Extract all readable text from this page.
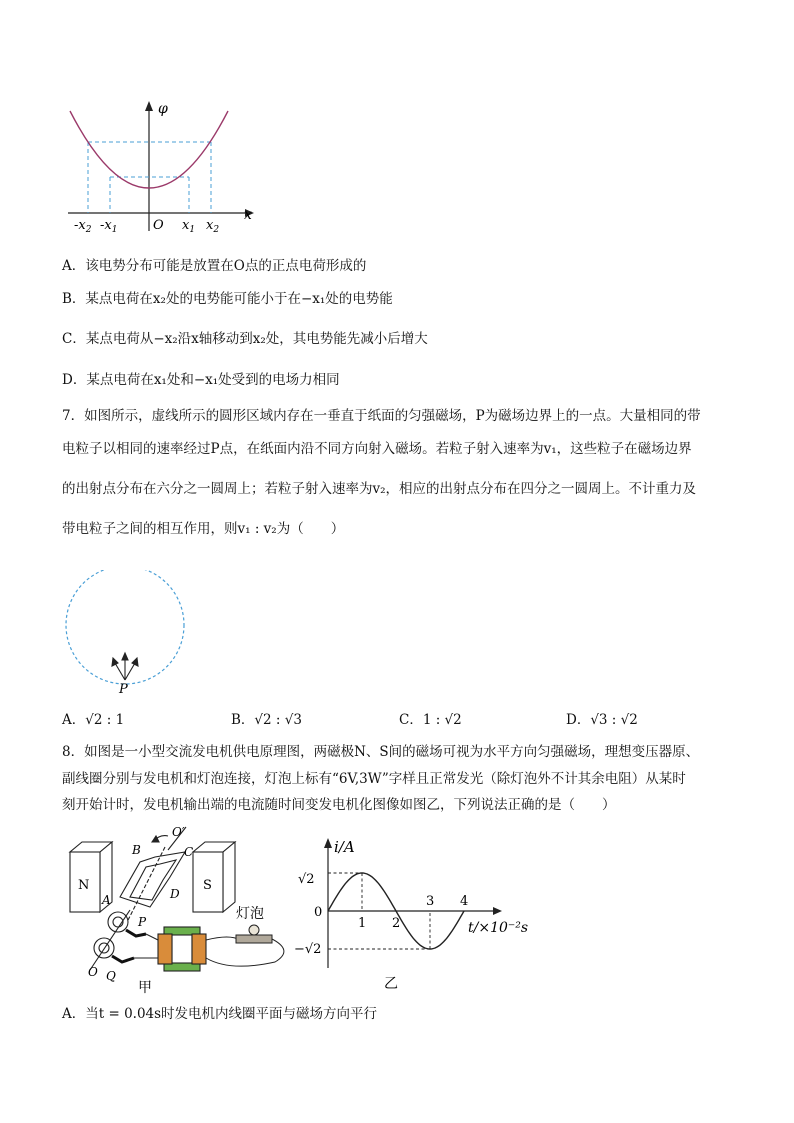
φ
x
$-x_2$ $-x_1$	O $x_1$ $x_2$
A．该电势分布可能是放置在O点的正点电荷形成的
B．某点电荷在x₂处的电势能可能小于在−x₁处的电势能
C．某点电荷从−x₂沿x轴移动到x₂处，其电势能先减小后增大
D．某点电荷在x₁处和−x₁处受到的电场力相同
7．如图所示，虚线所示的圆形区域内存在一垂直于纸面的匀强磁场，P为磁场边界上的一点。大量相同的带
电粒子以相同的速率经过P点，在纸面内沿不同方向射入磁场。若粒子射入速率为v₁，这些粒子在磁场边界
的出射点分布在六分之一圆周上；若粒子射入速率为v₂，相应的出射点分布在四分之一圆周上。不计重力及
带电粒子之间的相互作用，则v₁ : v₂为（　　）
P
A．√2 : 1	B．√2 : √3	C．1 : √2	D．√3 : √2
8．如图是一小型交流发电机供电原理图，两磁极N、S间的磁场可视为水平方向匀强磁场，理想变压器原、
副线圈分别与发电机和灯泡连接，灯泡上标有“6V,3W”字样且正常发光（除灯泡外不计其余电阻）从某时
刻开始计时，发电机输出端的电流随时间变发电机化图像如图乙，下列说法正确的是（　　）
N	S
O′
B	C
D
A
P
O Q
灯泡
甲
0
1 2
3 4
i/A
t/×10⁻²s
√2
−√2
乙
A．当t = 0.04s时发电机内线圈平面与磁场方向平行
